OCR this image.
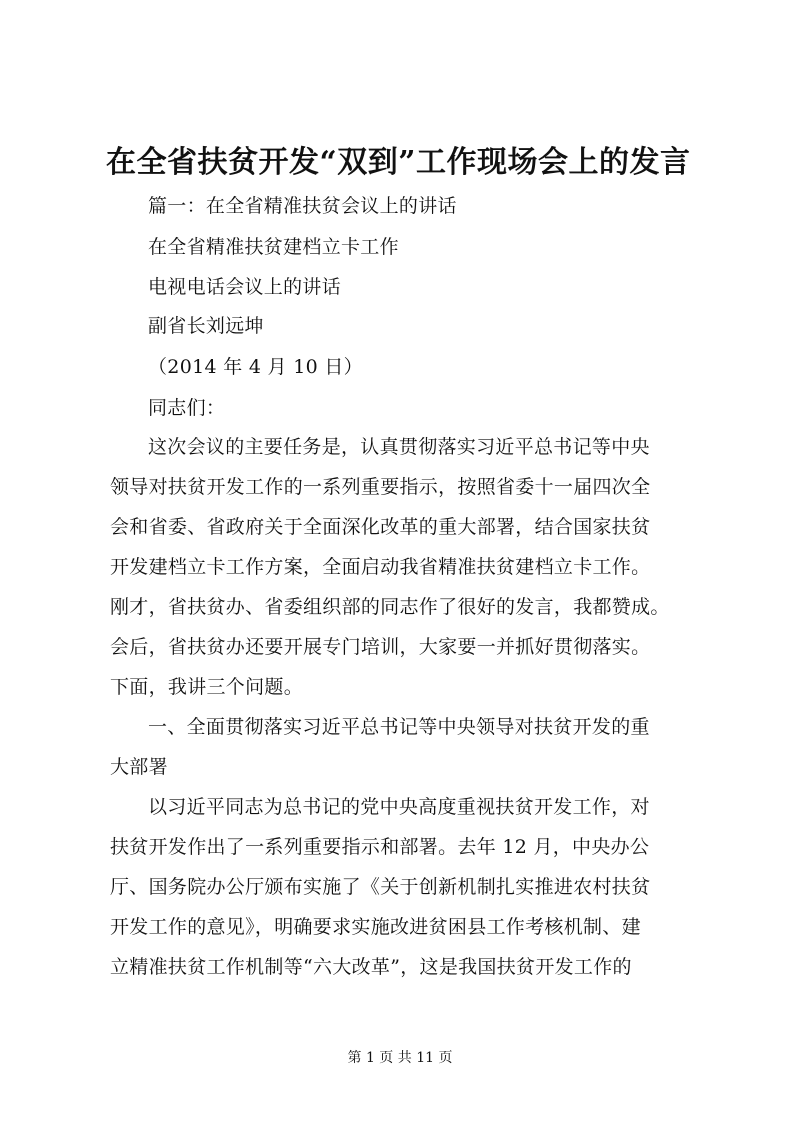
在全省扶贫开发“双到”工作现场会上的发言
篇一：在全省精准扶贫会议上的讲话
在全省精准扶贫建档立卡工作
电视电话会议上的讲话
副省长刘远坤
（2014 年 4 月 10 日）
同志们：
这次会议的主要任务是，认真贯彻落实习近平总书记等中央
领导对扶贫开发工作的一系列重要指示，按照省委十一届四次全
会和省委、省政府关于全面深化改革的重大部署，结合国家扶贫
开发建档立卡工作方案，全面启动我省精准扶贫建档立卡工作。
刚才，省扶贫办、省委组织部的同志作了很好的发言，我都赞成。
会后，省扶贫办还要开展专门培训，大家要一并抓好贯彻落实。
下面，我讲三个问题。
一、全面贯彻落实习近平总书记等中央领导对扶贫开发的重
大部署
以习近平同志为总书记的党中央高度重视扶贫开发工作，对
扶贫开发作出了一系列重要指示和部署。去年 12 月，中央办公
厅、国务院办公厅颁布实施了《关于创新机制扎实推进农村扶贫
开发工作的意见》，明确要求实施改进贫困县工作考核机制、建
立精准扶贫工作机制等“六大改革”，这是我国扶贫开发工作的
第 1 页 共 11 页
